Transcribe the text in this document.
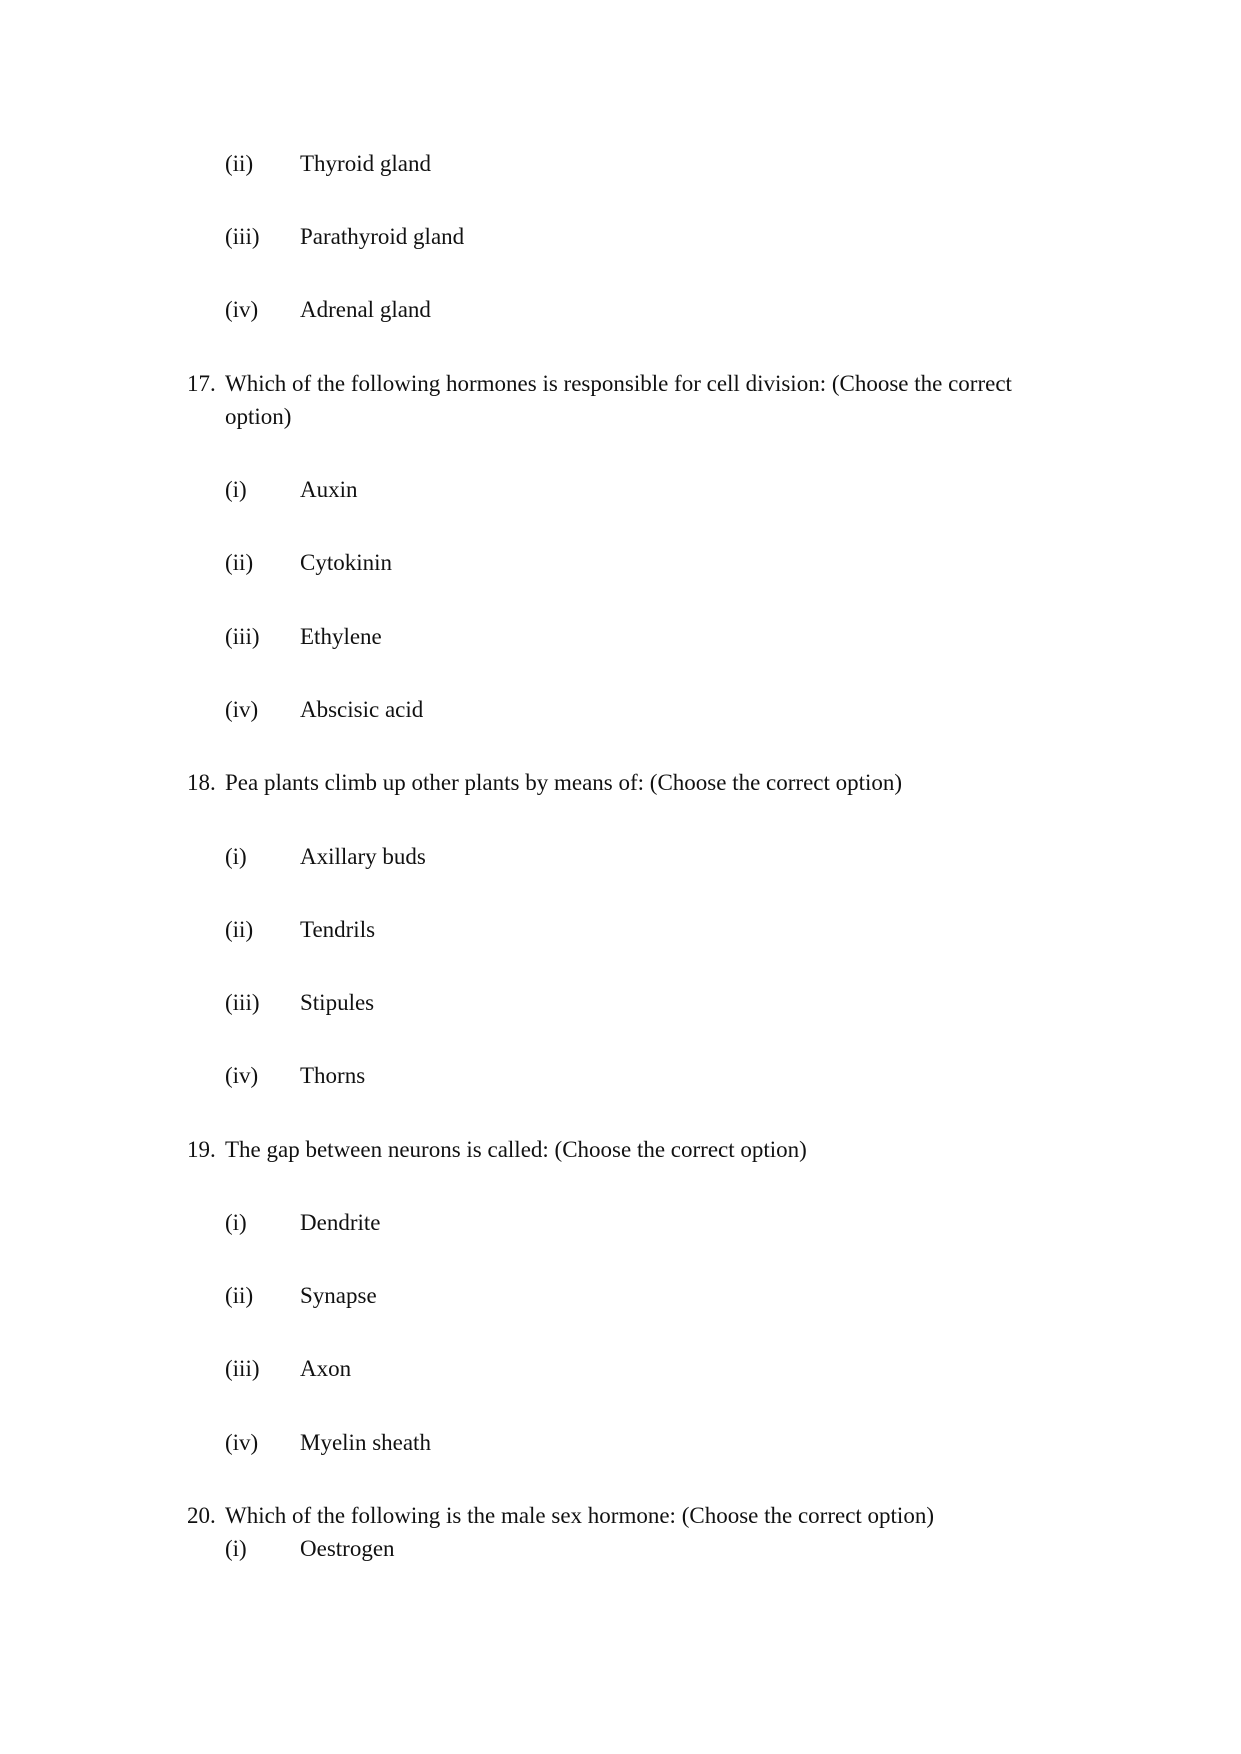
(ii) Thyroid gland
(iii) Parathyroid gland
(iv) Adrenal gland
17. Which of the following hormones is responsible for cell division: (Choose the correct
option)
(i) Auxin
(ii) Cytokinin
(iii) Ethylene
(iv) Abscisic acid
18. Pea plants climb up other plants by means of: (Choose the correct option)
(i) Axillary buds
(ii) Tendrils
(iii) Stipules
(iv) Thorns
19. The gap between neurons is called: (Choose the correct option)
(i) Dendrite
(ii) Synapse
(iii) Axon
(iv) Myelin sheath
20. Which of the following is the male sex hormone: (Choose the correct option)
(i) Oestrogen
